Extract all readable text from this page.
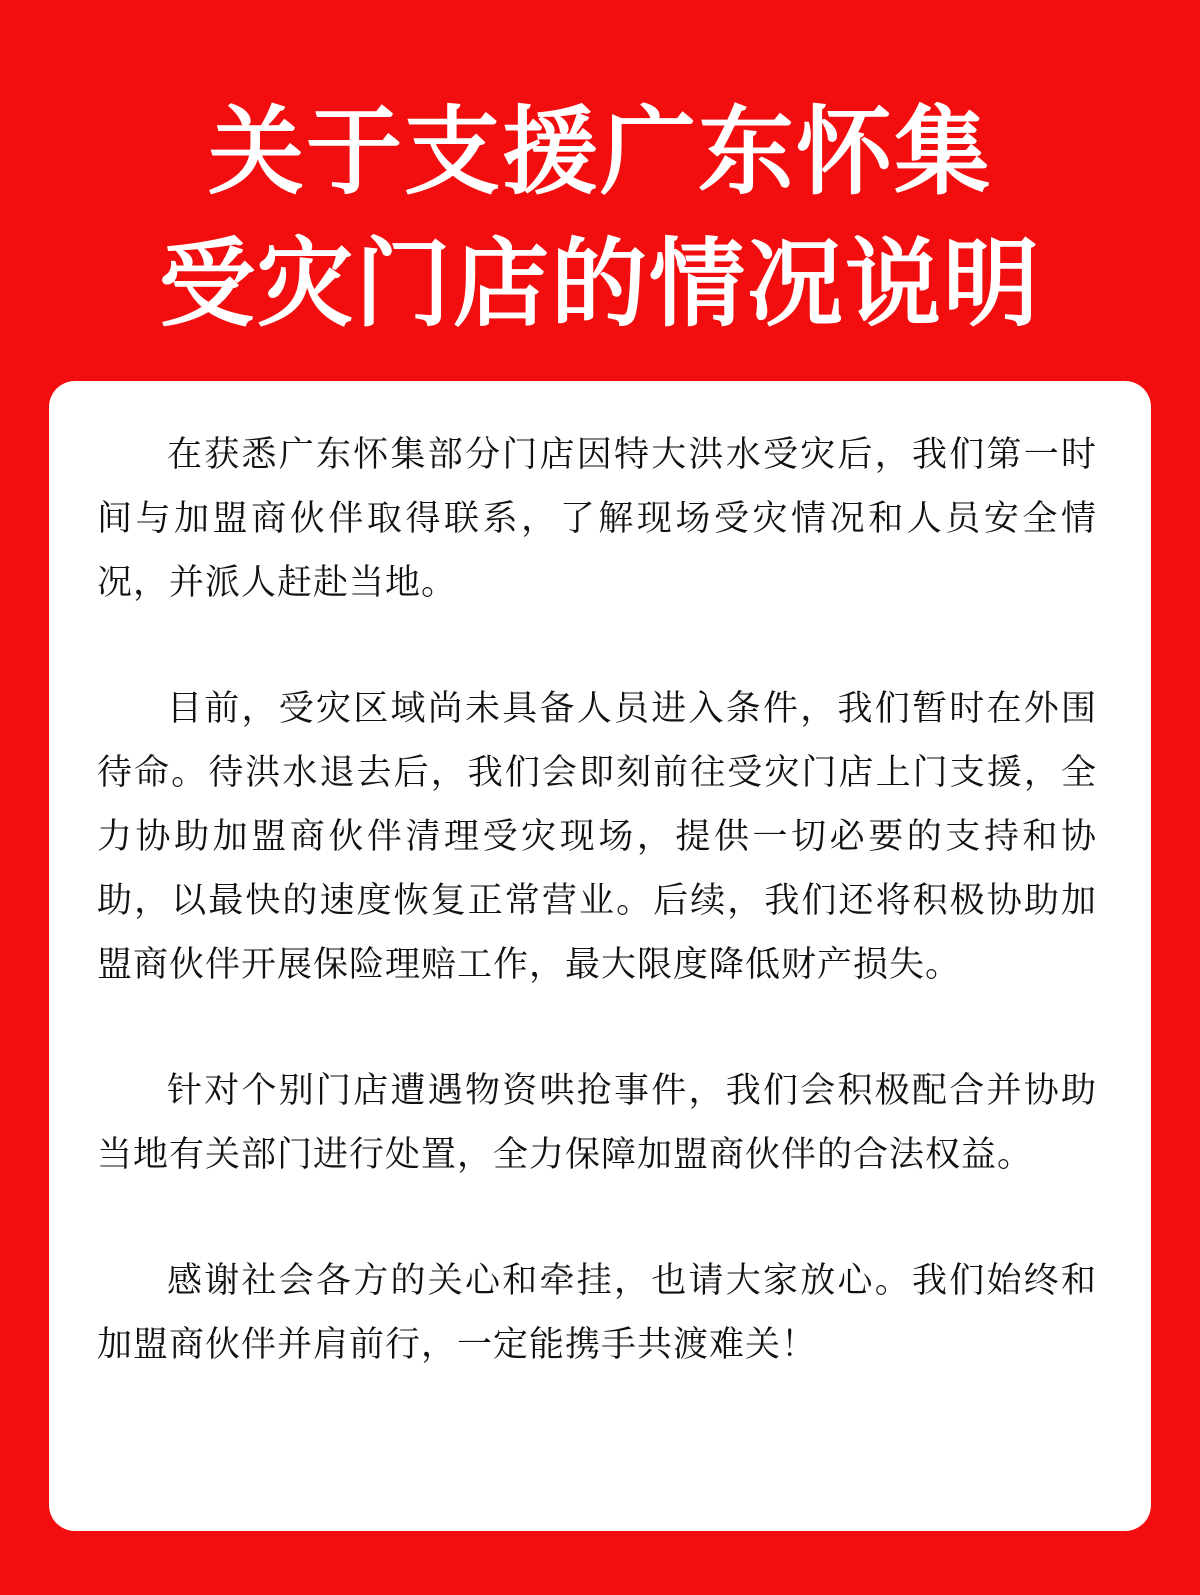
关于支援广东怀集
受灾门店的情况说明

在获悉广东怀集部分门店因特大洪水受灾后，我们第一时间与加盟商伙伴取得联系，了解现场受灾情况和人员安全情况，并派人赶赴当地。

目前，受灾区域尚未具备人员进入条件，我们暂时在外围待命。待洪水退去后，我们会即刻前往受灾门店上门支援，全力协助加盟商伙伴清理受灾现场，提供一切必要的支持和协助，以最快的速度恢复正常营业。后续，我们还将积极协助加盟商伙伴开展保险理赔工作，最大限度降低财产损失。

针对个别门店遭遇物资哄抢事件，我们会积极配合并协助当地有关部门进行处置，全力保障加盟商伙伴的合法权益。

感谢社会各方的关心和牵挂，也请大家放心。我们始终和加盟商伙伴并肩前行，一定能携手共渡难关！
